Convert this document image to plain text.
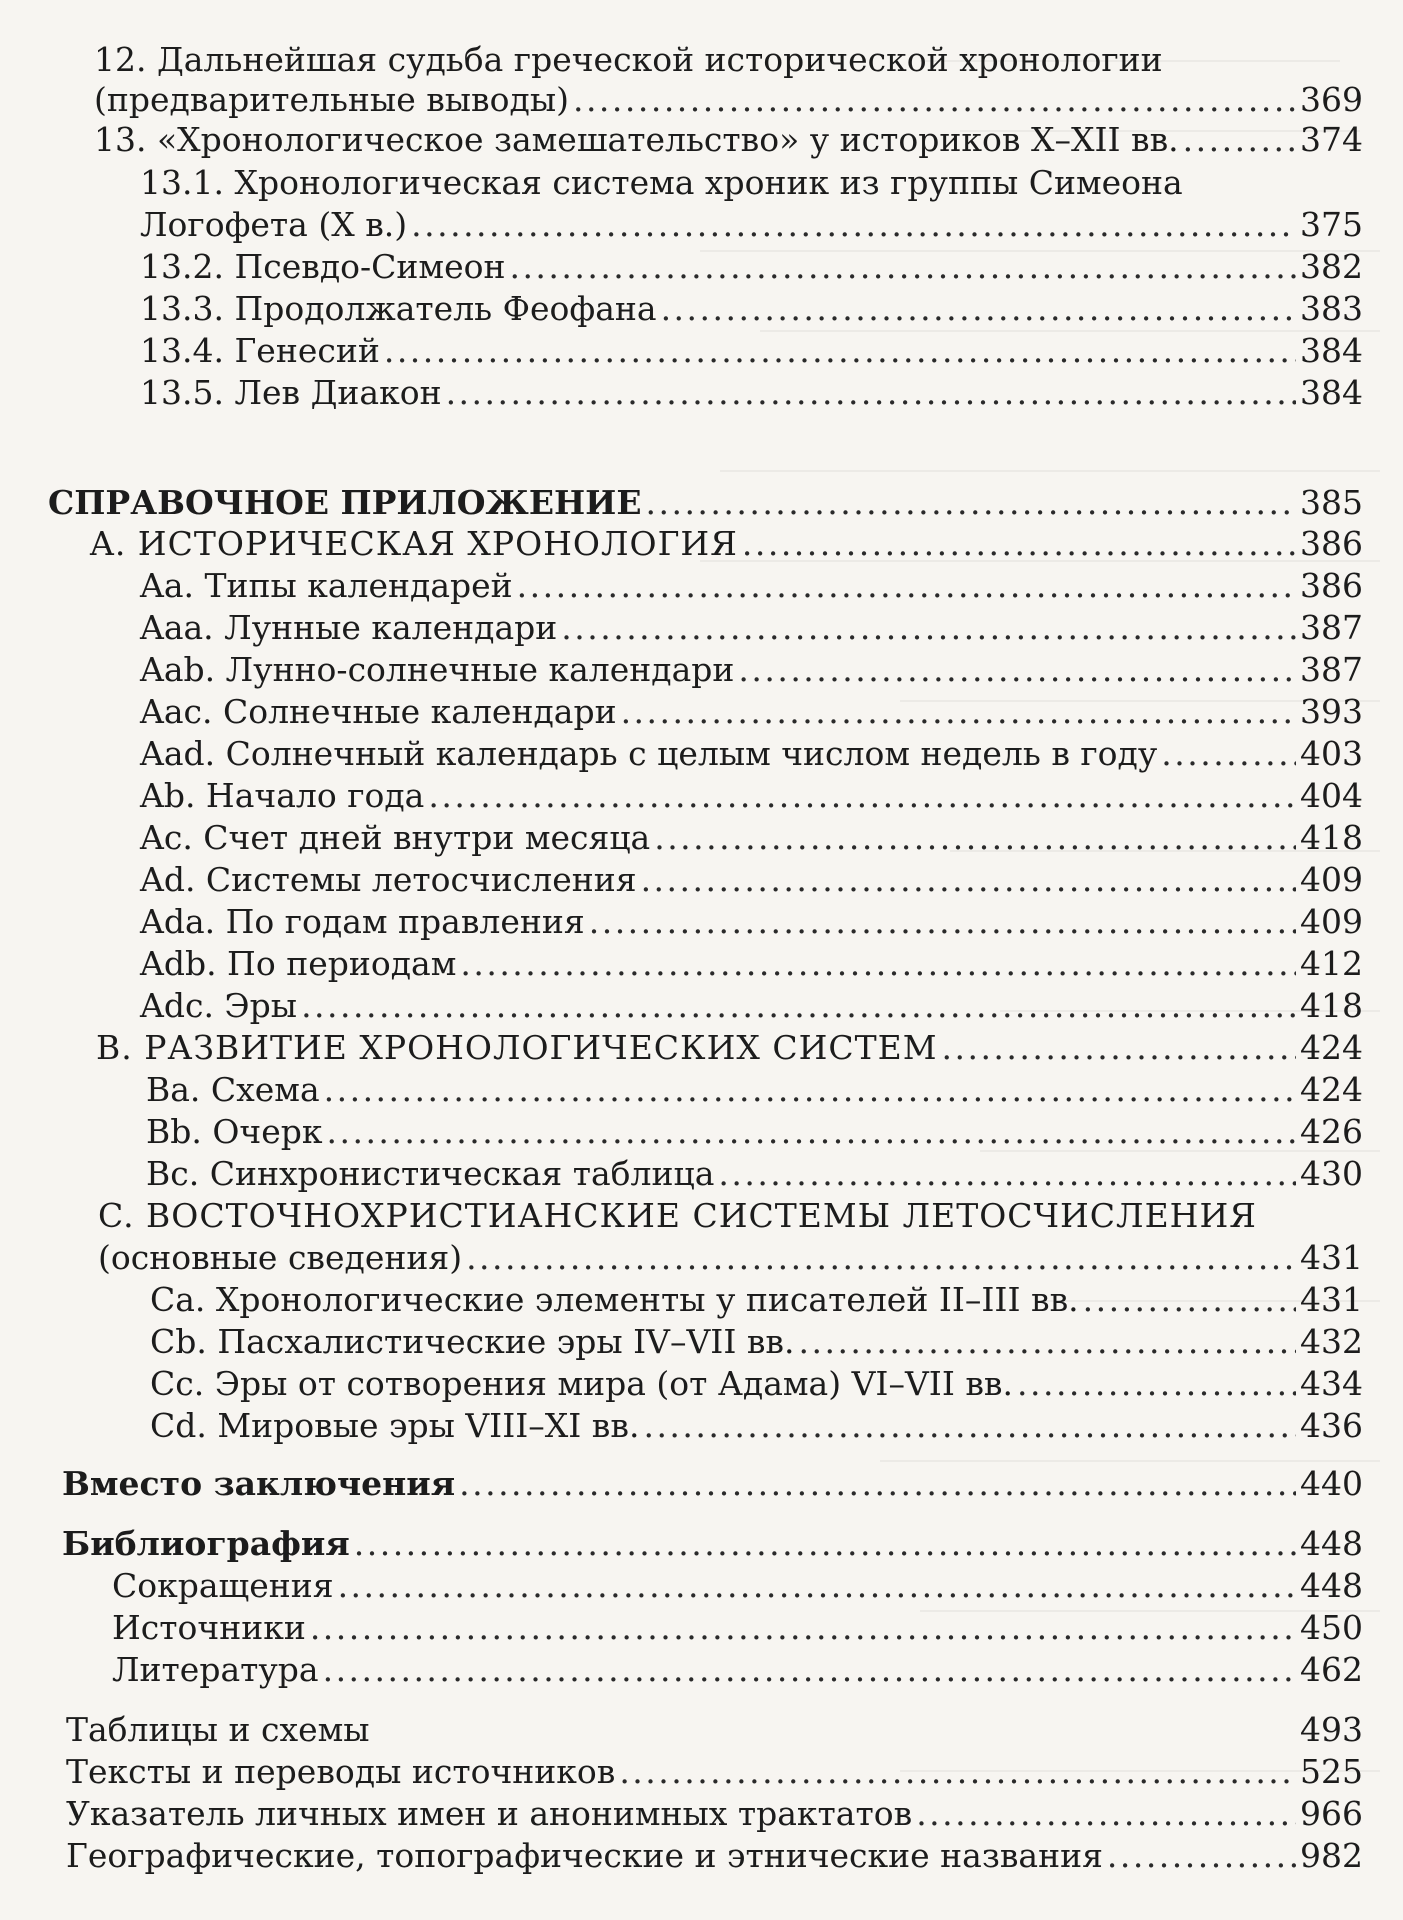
12. Дальнейшая судьба греческой исторической хронологии
(предварительные выводы) . . .	369
13. «Хронологическое замешательство» у историков X–XII вв. . . .	374
13.1. Хронологическая система хроник из группы Симеона
Логофета (X в.) . . .	375
13.2. Псевдо-Симеон . . .	382
13.3. Продолжатель Феофана . . .	383
13.4. Генесий . . .	384
13.5. Лев Диакон . . .	384
СПРАВОЧНОЕ ПРИЛОЖЕНИЕ . . .	385
A. ИСТОРИЧЕСКАЯ ХРОНОЛОГИЯ . . .	386
Aa. Типы календарей . . .	386
Aaa. Лунные календари . . .	387
Aab. Лунно-солнечные календари . . .	387
Aac. Солнечные календари . . .	393
Aad. Солнечный календарь с целым числом недель в году . . .	403
Ab. Начало года . . .	404
Ac. Счет дней внутри месяца . . .	418
Ad. Системы летосчисления . . .	409
Ada. По годам правления . . .	409
Adb. По периодам . . .	412
Adc. Эры . . .	418
B. РАЗВИТИЕ ХРОНОЛОГИЧЕСКИХ СИСТЕМ . . .	424
Ba. Схема . . .	424
Bb. Очерк . . .	426
Bc. Синхронистическая таблица . . .	430
C. ВОСТОЧНОХРИСТИАНСКИЕ СИСТЕМЫ ЛЕТОСЧИСЛЕНИЯ
(основные сведения) . . .	431
Ca. Хронологические элементы у писателей II–III вв. . . .	431
Cb. Пасхалистические эры IV–VII вв. . . .	432
Cc. Эры от сотворения мира (от Адама) VI–VII вв. . . .	434
Cd. Мировые эры VIII–XI вв. . . .	436
Вместо заключения . . .	440
Библиография . . .	448
Сокращения . . .	448
Источники . . .	450
Литература . . .	462
Таблицы и схемы	493
Тексты и переводы источников . . .	525
Указатель личных имен и анонимных трактатов . . .	966
Географические, топографические и этнические названия . . .	982
